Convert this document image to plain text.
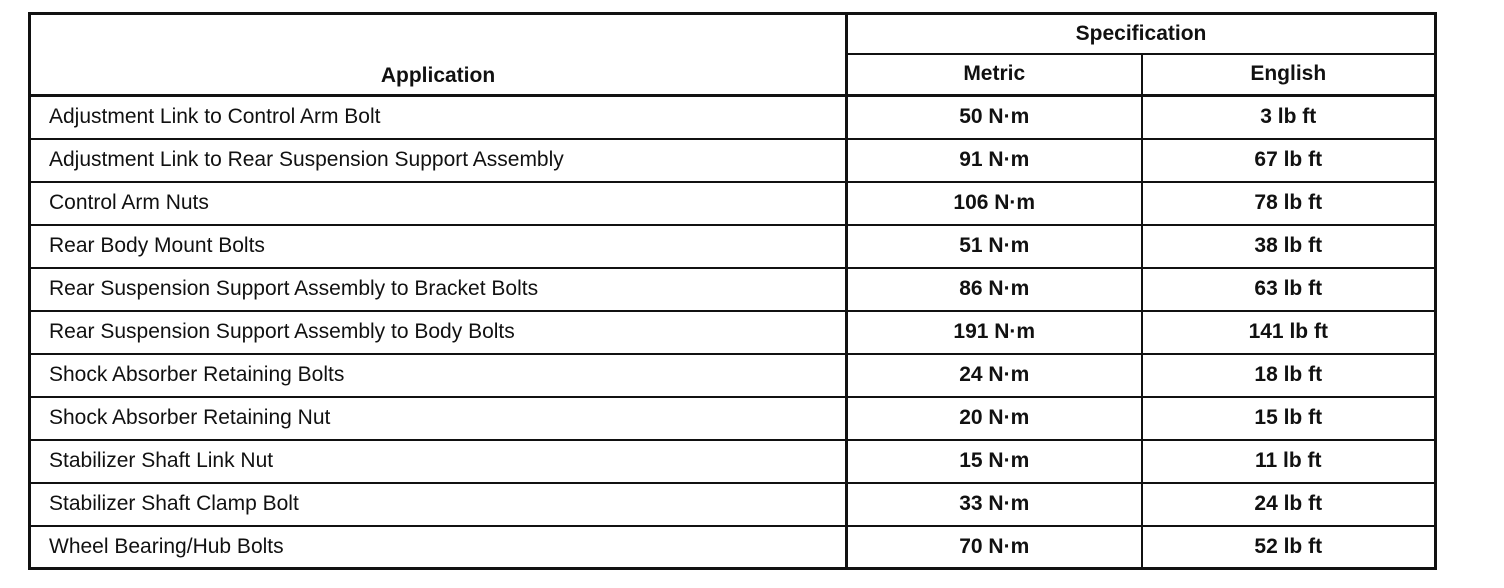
Application	Specification	
	Metric	English
Adjustment Link to Control Arm Bolt	50 N·m	3 lb ft
Adjustment Link to Rear Suspension Support Assembly	91 N·m	67 lb ft
Control Arm Nuts	106 N·m	78 lb ft
Rear Body Mount Bolts	51 N·m	38 lb ft
Rear Suspension Support Assembly to Bracket Bolts	86 N·m	63 lb ft
Rear Suspension Support Assembly to Body Bolts	191 N·m	141 lb ft
Shock Absorber Retaining Bolts	24 N·m	18 lb ft
Shock Absorber Retaining Nut	20 N·m	15 lb ft
Stabilizer Shaft Link Nut	15 N·m	11 lb ft
Stabilizer Shaft Clamp Bolt	33 N·m	24 lb ft
Wheel Bearing/Hub Bolts	70 N·m	52 lb ft
